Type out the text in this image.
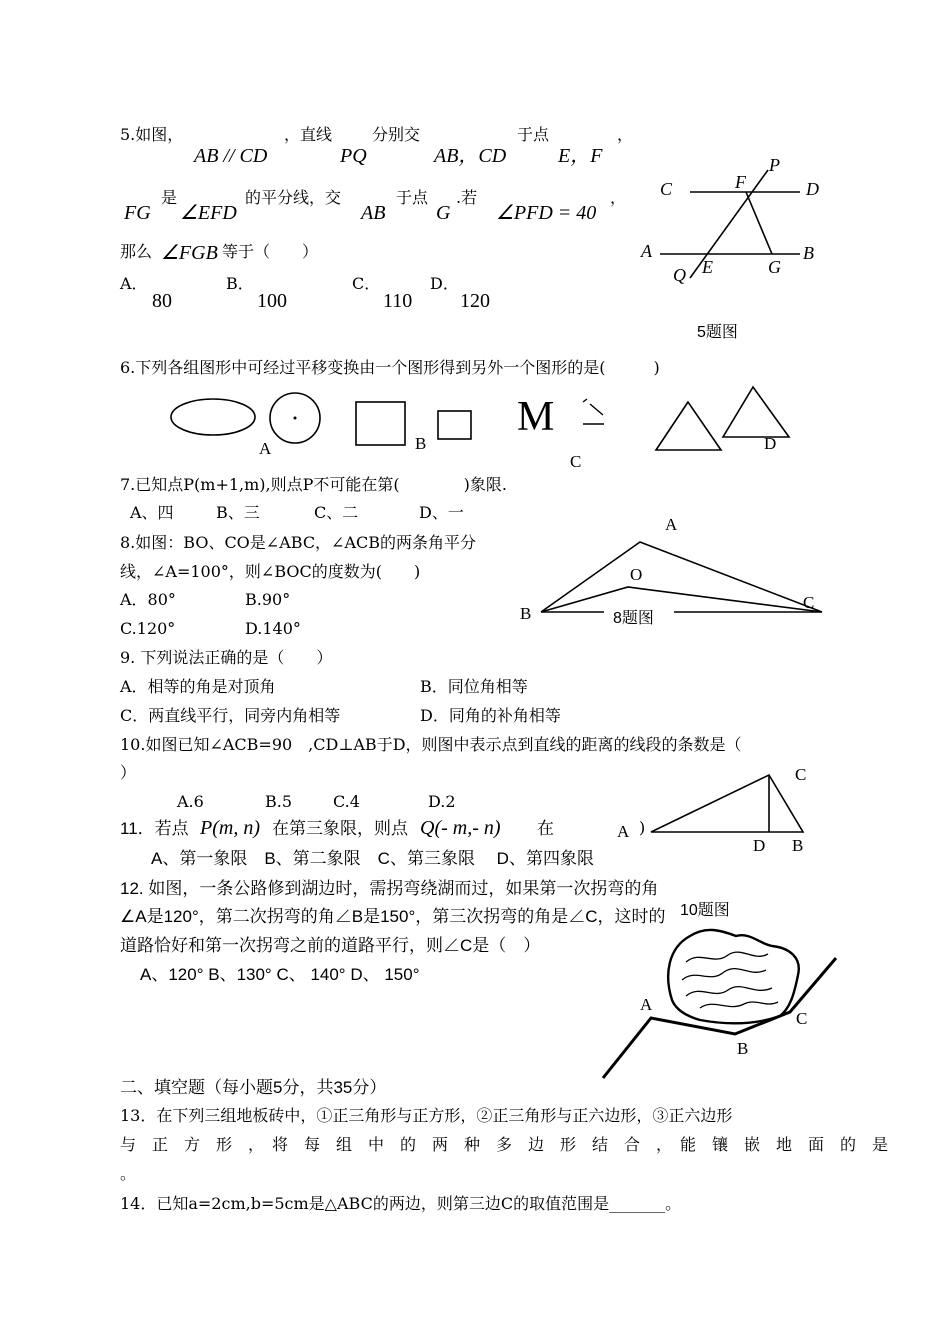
5.如图，
AB // CD
，直线
PQ
分别交
AB，CD
于点
E，F
，
FG
是
∠EFD
的平分线，交
AB
于点
G
.若
∠PFD = 40
，
那么 ∠FGB 等于（　　）
A．
80
B．
100
C．
110
D．
120
P
C	F	D
A	B
Q E	G
5题图
6.下列各组图形中可经过平移变换由一个图形得到另外一个图形的是(　　　)
A	B
M
C
D
7.已知点P(m+1,m),则点P不可能在第(　　　　)象限.
A、四	B、三	C、二	D、一
8.如图：BO、CO是∠ABC，∠ACB的两条角平分
线，∠A=100°，则∠BOC的度数为(　　)
A．80°	B.90°
C.120°	D.140°
A
O
B
C
8题图
9. 下列说法正确的是（　　）
A．相等的角是对顶角	B．同位角相等
C．两直线平行，同旁内角相等	D．同角的补角相等
10.如图已知∠ACB=90　,CD⊥AB于D，则图中表示点到直线的距离的线段的条数是（
）
A.6	B.5	C.4	D.2
C
A
D B
10题图
11．若点 P(m, n) 在第三象限，则点 Q(- m,- n) 在	)
A、第一象限　B、第二象限　C、第三象限　 D、第四象限
12. 如图，一条公路修到湖边时，需拐弯绕湖而过，如果第一次拐弯的角
∠A是120°，第二次拐弯的角∠B是150°，第三次拐弯的角是∠C，这时的
道路恰好和第一次拐弯之前的道路平行，则∠C是（　）
A、120° B、130° C、 140° D、 150°
A
B
C
二、填空题（每小题5分，共35分）
13．在下列三组地板砖中，①正三角形与正方形，②正三角形与正六边形，③正六边形
与　正　方　形　，　将　每　组　中　的　两　种　多　边　形　结　合　，　能　镶　嵌　地　面　的　是
。
14．已知a=2cm,b=5cm是△ABC的两边，则第三边C的取值范围是_______。
